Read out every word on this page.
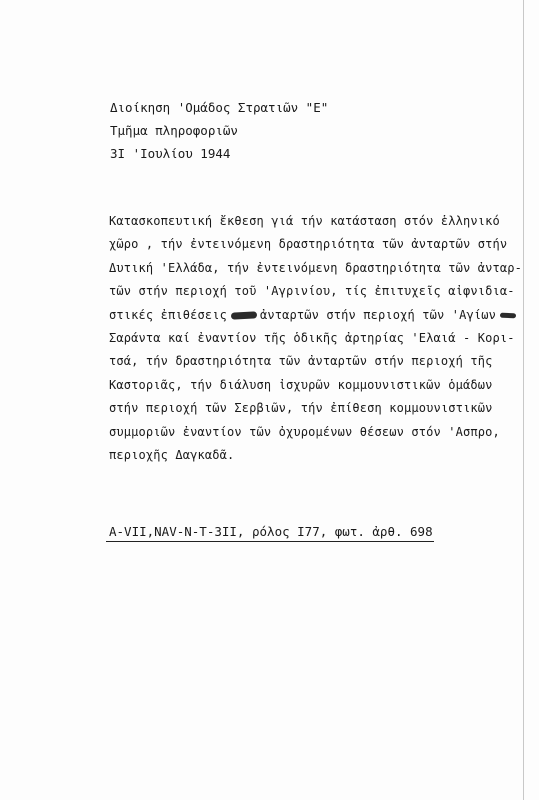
Διοίκηση 'Ομάδος Στρατιῶν "Ε"
Τμῆμα πληροφοριῶν
3Ι 'Ιουλίου 1944
Κατασκοπευτική ἔκθεση γιά τήν κατάσταση στόν ἑλληνικό
χῶρο , τήν ἐντεινόμενη δραστηριότητα τῶν ἀνταρτῶν στήν
Δυτική 'Ελλάδα, τήν ἐντεινόμενη δραστηριότητα τῶν ἀνταρ-
τῶν στήν περιοχή τοῦ 'Αγρινίου, τίς ἐπιτυχεῖς αἰφνιδια-
στικές ἐπιθέσεις	ἀνταρτῶν στήν περιοχή τῶν 'Αγίων
Σαράντα καί ἐναντίον τῆς ὁδικῆς ἀρτηρίας 'Ελαιά - Κορι-
τσά, τήν δραστηριότητα τῶν ἀνταρτῶν στήν περιοχή τῆς
Καστοριᾶς, τήν διάλυση ἰσχυρῶν κομμουνιστικῶν ὁμάδων
στήν περιοχή τῶν Σερβιῶν, τήν ἐπίθεση κομμουνιστικῶν
συμμοριῶν ἐναντίον τῶν ὀχυρομένων θέσεων στόν 'Ασπρο,
περιοχῆς Δαγκαδᾶ.
A-VII,NAV-N-T-3II, ρόλος I77, φωτ. ἀρθ. 698
